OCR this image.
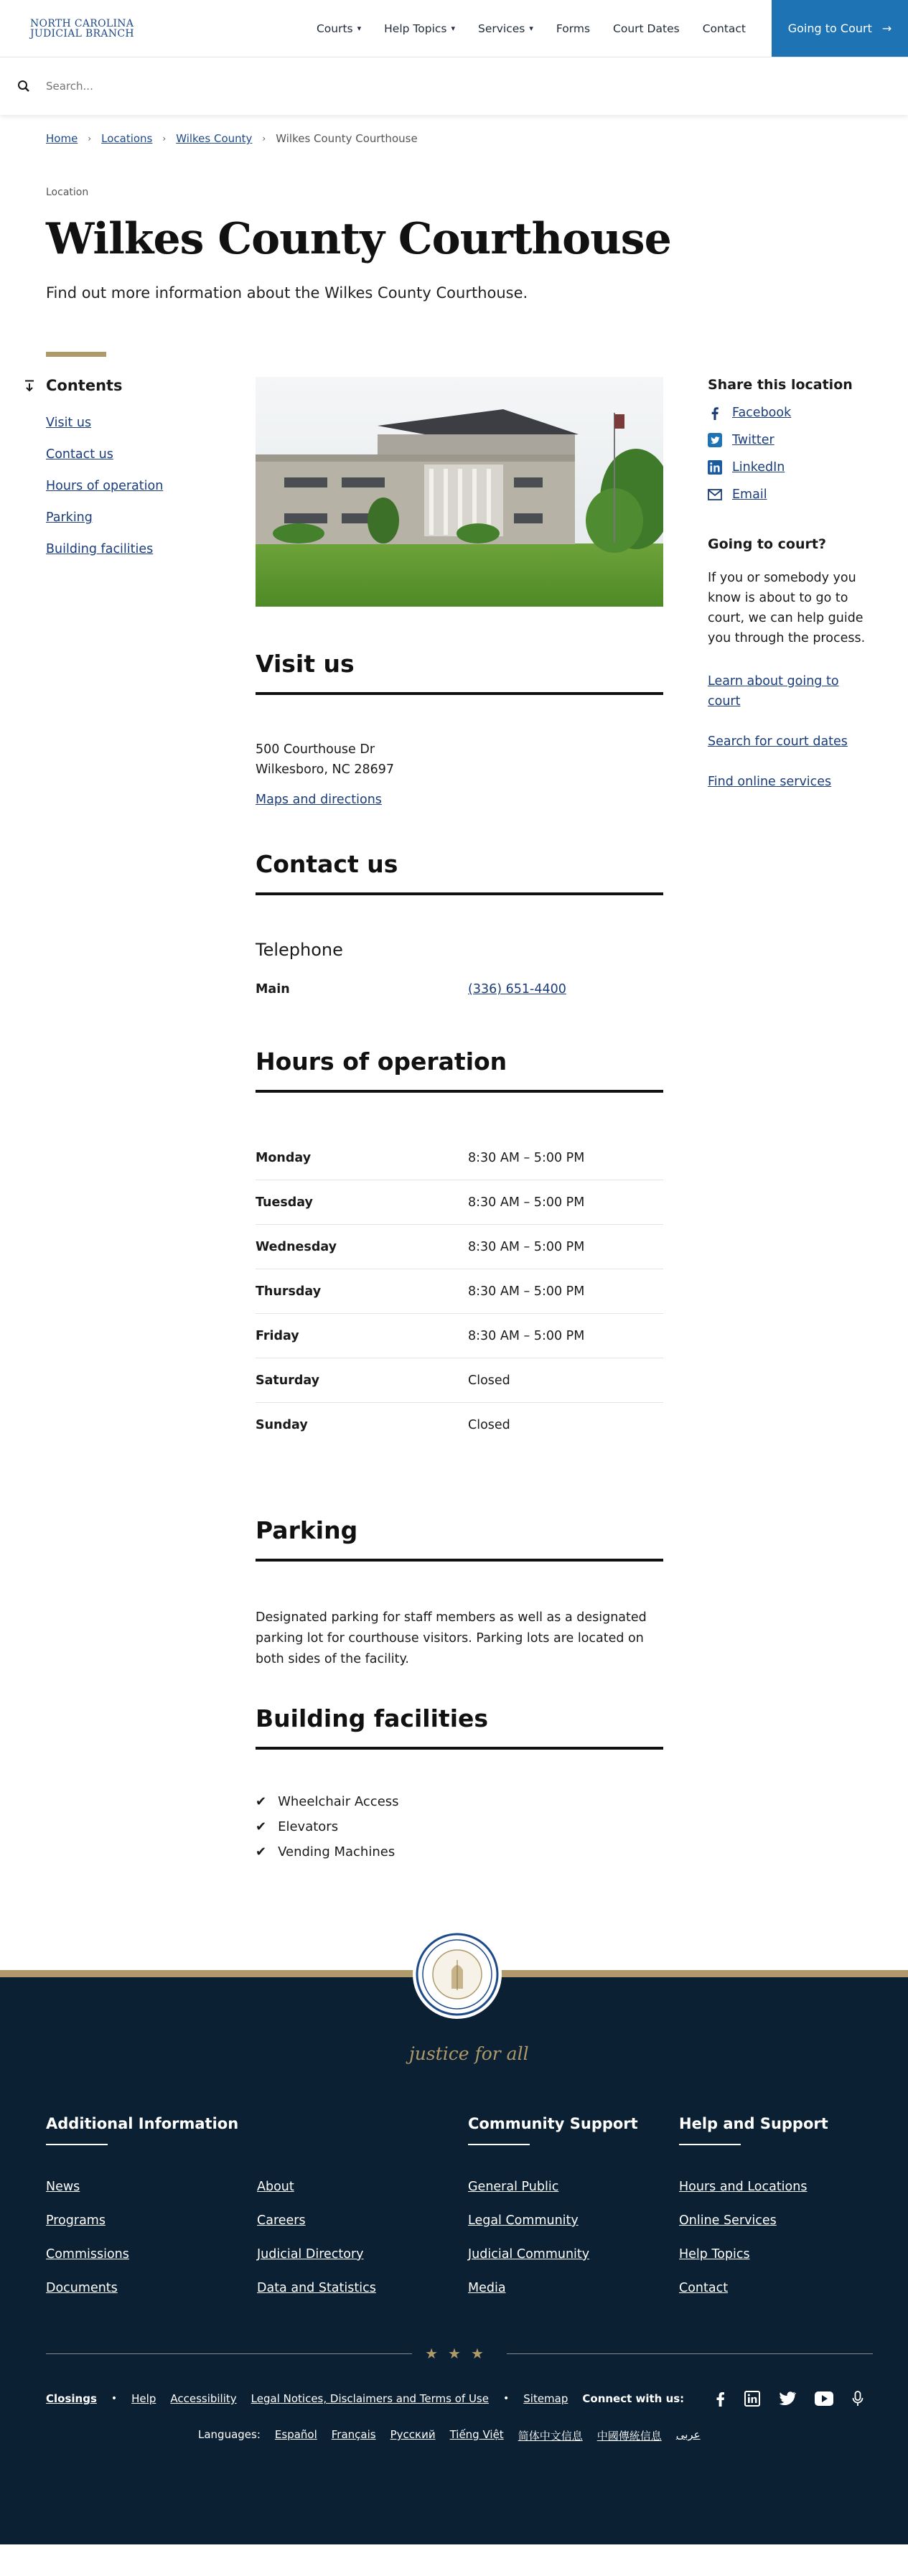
NORTH CAROLINA
JUDICIAL BRANCH	Courts ▾ Help Topics ▾ Services ▾ Forms Court Dates Contact	Going to Court →
Search...
Home › Locations › Wilkes County › Wilkes County Courthouse
Location
Wilkes County Courthouse

Find out more information about the Wilkes County Courthouse.

Contents
Visit us
Contact us
Hours of operation
Parking
Building facilities
Visit us
500 Courthouse Dr
Wilkesboro, NC 28697
Maps and directions
Contact us
Telephone
Main	(336) 651-4400
Hours of operation
Monday	8:30 AM – 5:00 PM
Tuesday	8:30 AM – 5:00 PM
Wednesday	8:30 AM – 5:00 PM
Thursday	8:30 AM – 5:00 PM
Friday	8:30 AM – 5:00 PM
Saturday	Closed
Sunday	Closed
Parking

Designated parking for staff members as well as a designated parking lot for courthouse visitors. Parking lots are located on both sides of the facility.

Building facilities
✔ Wheelchair Access
✔ Elevators
✔ Vending Machines
Share this location
Facebook
Twitter
LinkedIn
Email
Going to court?

If you or somebody you know is about to go to court, we can help guide you through the process.

Learn about going to court
Search for court dates
Find online services
justice for all
Additional Information
News	About
Programs	Careers
Commissions	Judicial Directory
Documents	Data and Statistics
Community Support
General Public
Legal Community
Judicial Community
Media
Help and Support
Hours and Locations
Online Services
Help Topics
Contact
★★★
Closings • Help Accessibility Legal Notices, Disclaimers and Terms of Use • Sitemap Connect with us:
Languages: Español Français Русский Tiếng Việt 简体中文信息 中國傳統信息 عربى
